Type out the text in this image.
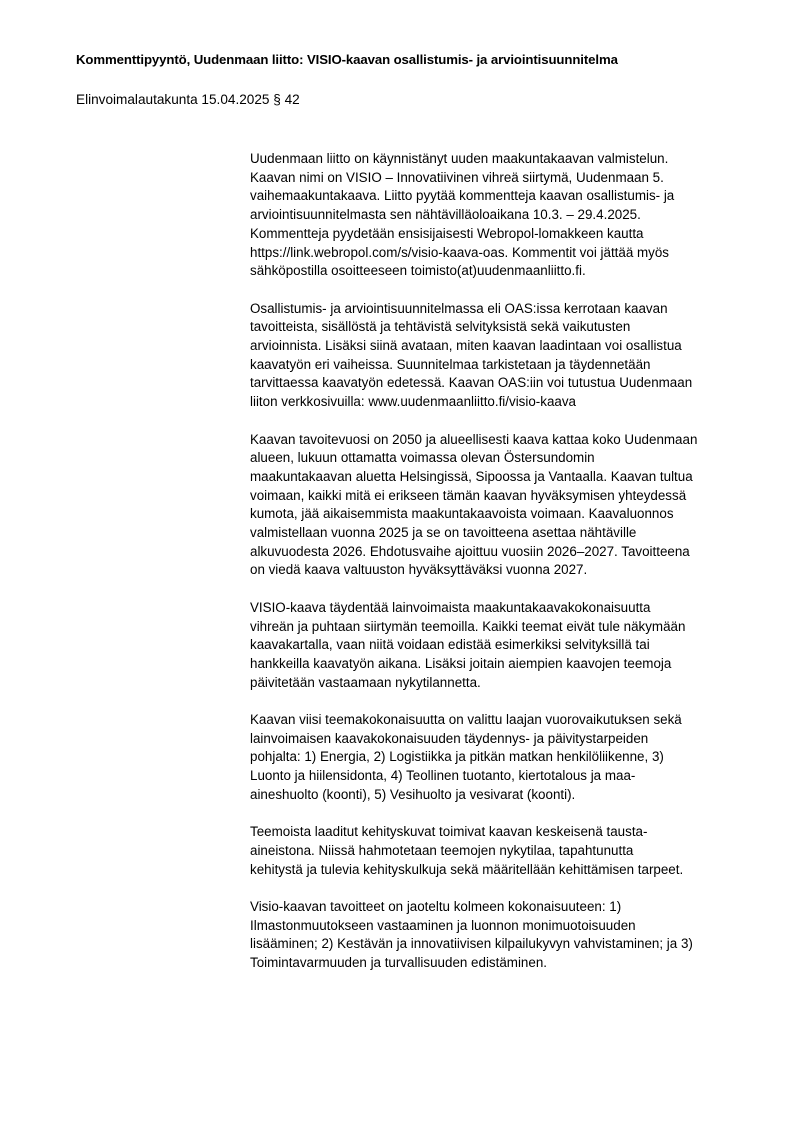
Kommenttipyyntö, Uudenmaan liitto: VISIO-kaavan osallistumis- ja arviointisuunnitelma
Elinvoimalautakunta 15.04.2025 § 42
Uudenmaan liitto on käynnistänyt uuden maakuntakaavan valmistelun.
Kaavan nimi on VISIO – Innovatiivinen vihreä siirtymä, Uudenmaan 5.
vaihemaakuntakaava. Liitto pyytää kommentteja kaavan osallistumis- ja
arviointisuunnitelmasta sen nähtävilläoloaikana 10.3. – 29.4.2025.
Kommentteja pyydetään ensisijaisesti Webropol-lomakkeen kautta
https://link.webropol.com/s/visio-kaava-oas. Kommentit voi jättää myös
sähköpostilla osoitteeseen toimisto(at)uudenmaanliitto.fi.
Osallistumis- ja arviointisuunnitelmassa eli OAS:issa kerrotaan kaavan
tavoitteista, sisällöstä ja tehtävistä selvityksistä sekä vaikutusten
arvioinnista. Lisäksi siinä avataan, miten kaavan laadintaan voi osallistua
kaavatyön eri vaiheissa. Suunnitelmaa tarkistetaan ja täydennetään
tarvittaessa kaavatyön edetessä. Kaavan OAS:iin voi tutustua Uudenmaan
liiton verkkosivuilla: www.uudenmaanliitto.fi/visio-kaava
Kaavan tavoitevuosi on 2050 ja alueellisesti kaava kattaa koko Uudenmaan
alueen, lukuun ottamatta voimassa olevan Östersundomin
maakuntakaavan aluetta Helsingissä, Sipoossa ja Vantaalla. Kaavan tultua
voimaan, kaikki mitä ei erikseen tämän kaavan hyväksymisen yhteydessä
kumota, jää aikaisemmista maakuntakaavoista voimaan. Kaavaluonnos
valmistellaan vuonna 2025 ja se on tavoitteena asettaa nähtäville
alkuvuodesta 2026. Ehdotusvaihe ajoittuu vuosiin 2026–2027. Tavoitteena
on viedä kaava valtuuston hyväksyttäväksi vuonna 2027.
VISIO-kaava täydentää lainvoimaista maakuntakaavakokonaisuutta
vihreän ja puhtaan siirtymän teemoilla. Kaikki teemat eivät tule näkymään
kaavakartalla, vaan niitä voidaan edistää esimerkiksi selvityksillä tai
hankkeilla kaavatyön aikana. Lisäksi joitain aiempien kaavojen teemoja
päivitetään vastaamaan nykytilannetta.
Kaavan viisi teemakokonaisuutta on valittu laajan vuorovaikutuksen sekä
lainvoimaisen kaavakokonaisuuden täydennys- ja päivitystarpeiden
pohjalta: 1) Energia, 2) Logistiikka ja pitkän matkan henkilöliikenne, 3)
Luonto ja hiilensidonta, 4) Teollinen tuotanto, kiertotalous ja maa-
aineshuolto (koonti), 5) Vesihuolto ja vesivarat (koonti).
Teemoista laaditut kehityskuvat toimivat kaavan keskeisenä tausta-
aineistona. Niissä hahmotetaan teemojen nykytilaa, tapahtunutta
kehitystä ja tulevia kehityskulkuja sekä määritellään kehittämisen tarpeet.
Visio-kaavan tavoitteet on jaoteltu kolmeen kokonaisuuteen: 1)
Ilmastonmuutokseen vastaaminen ja luonnon monimuotoisuuden
lisääminen; 2) Kestävän ja innovatiivisen kilpailukyvyn vahvistaminen; ja 3)
Toimintavarmuuden ja turvallisuuden edistäminen.
